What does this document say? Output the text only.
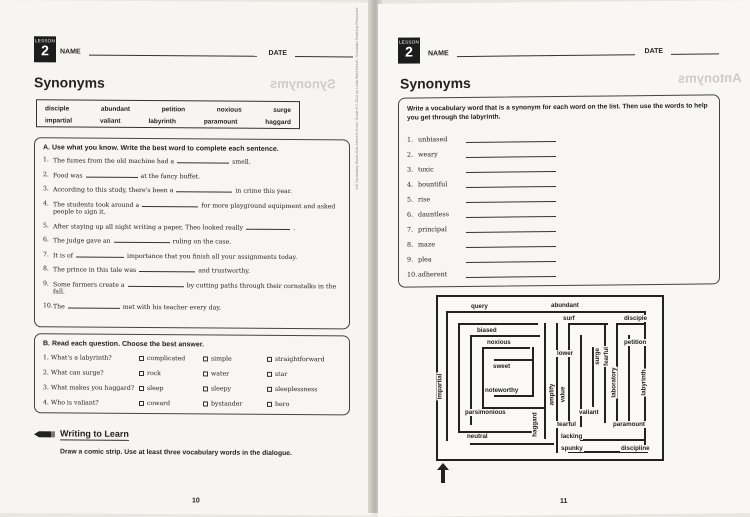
LESSON
2	NAME	DATE
Synonyms	Synonyms
disciple	abundant	petition	noxious	surge
impartial	valiant	labyrinth	paramount	haggard
A. Use what you know. Write the best word to complete each sentence.
1. The fumes from the old machine had a	smell.
2. Food was	at the fancy buffet.
3. According to this study, there's been a	in crime this year.
4. The students took around a	for more playground equipment and asked people to sign it.
5. After staying up all night writing a paper, Theo looked really	.
6. The judge gave an	ruling on the case.
7. It is of	importance that you finish all your assignments today.
8. The prince in this tale was	and trustworthy.
9. Some farmers create a	by cutting paths through their cornstalks in the fall.
10. The	met with his teacher every day.
B. Read each question. Choose the best answer.
1. What's a labyrinth?	complicated	simple	straightforward
2. What can surge?	rock	water	star
3. What makes you haggard?	sleep	sleepy	sleeplessness
4. Who is valiant?	coward	bystander	hero
Writing to Learn
Draw a comic strip. Use at least three vocabulary words in the dialogue.
10
240 Vocabulary Words Kids Need to Know: Grade 6 © 2012 by Linda Ward Beech, Scholastic Teaching Resources	LESSON
2	NAME	DATE
Synonyms	Antonyms
Write a vocabulary word that is a synonym for each word on the list. Then use the words to help you get through the labyrinth.
1. unbiased
2. weary
3. toxic
4. bountiful
5. rise
6. dauntless
7. principal
8. maze
9. plea
10. adherent
11
query	abundant
surf	disciple
biased
noxious	petition
lower	surge fearful
sweet
laboratory	labyrinth
impartial	noteworthy	amplify value
parsimonious	valiant
haggard	tearful	paramount
neutral	lacking
spunky	discipline
